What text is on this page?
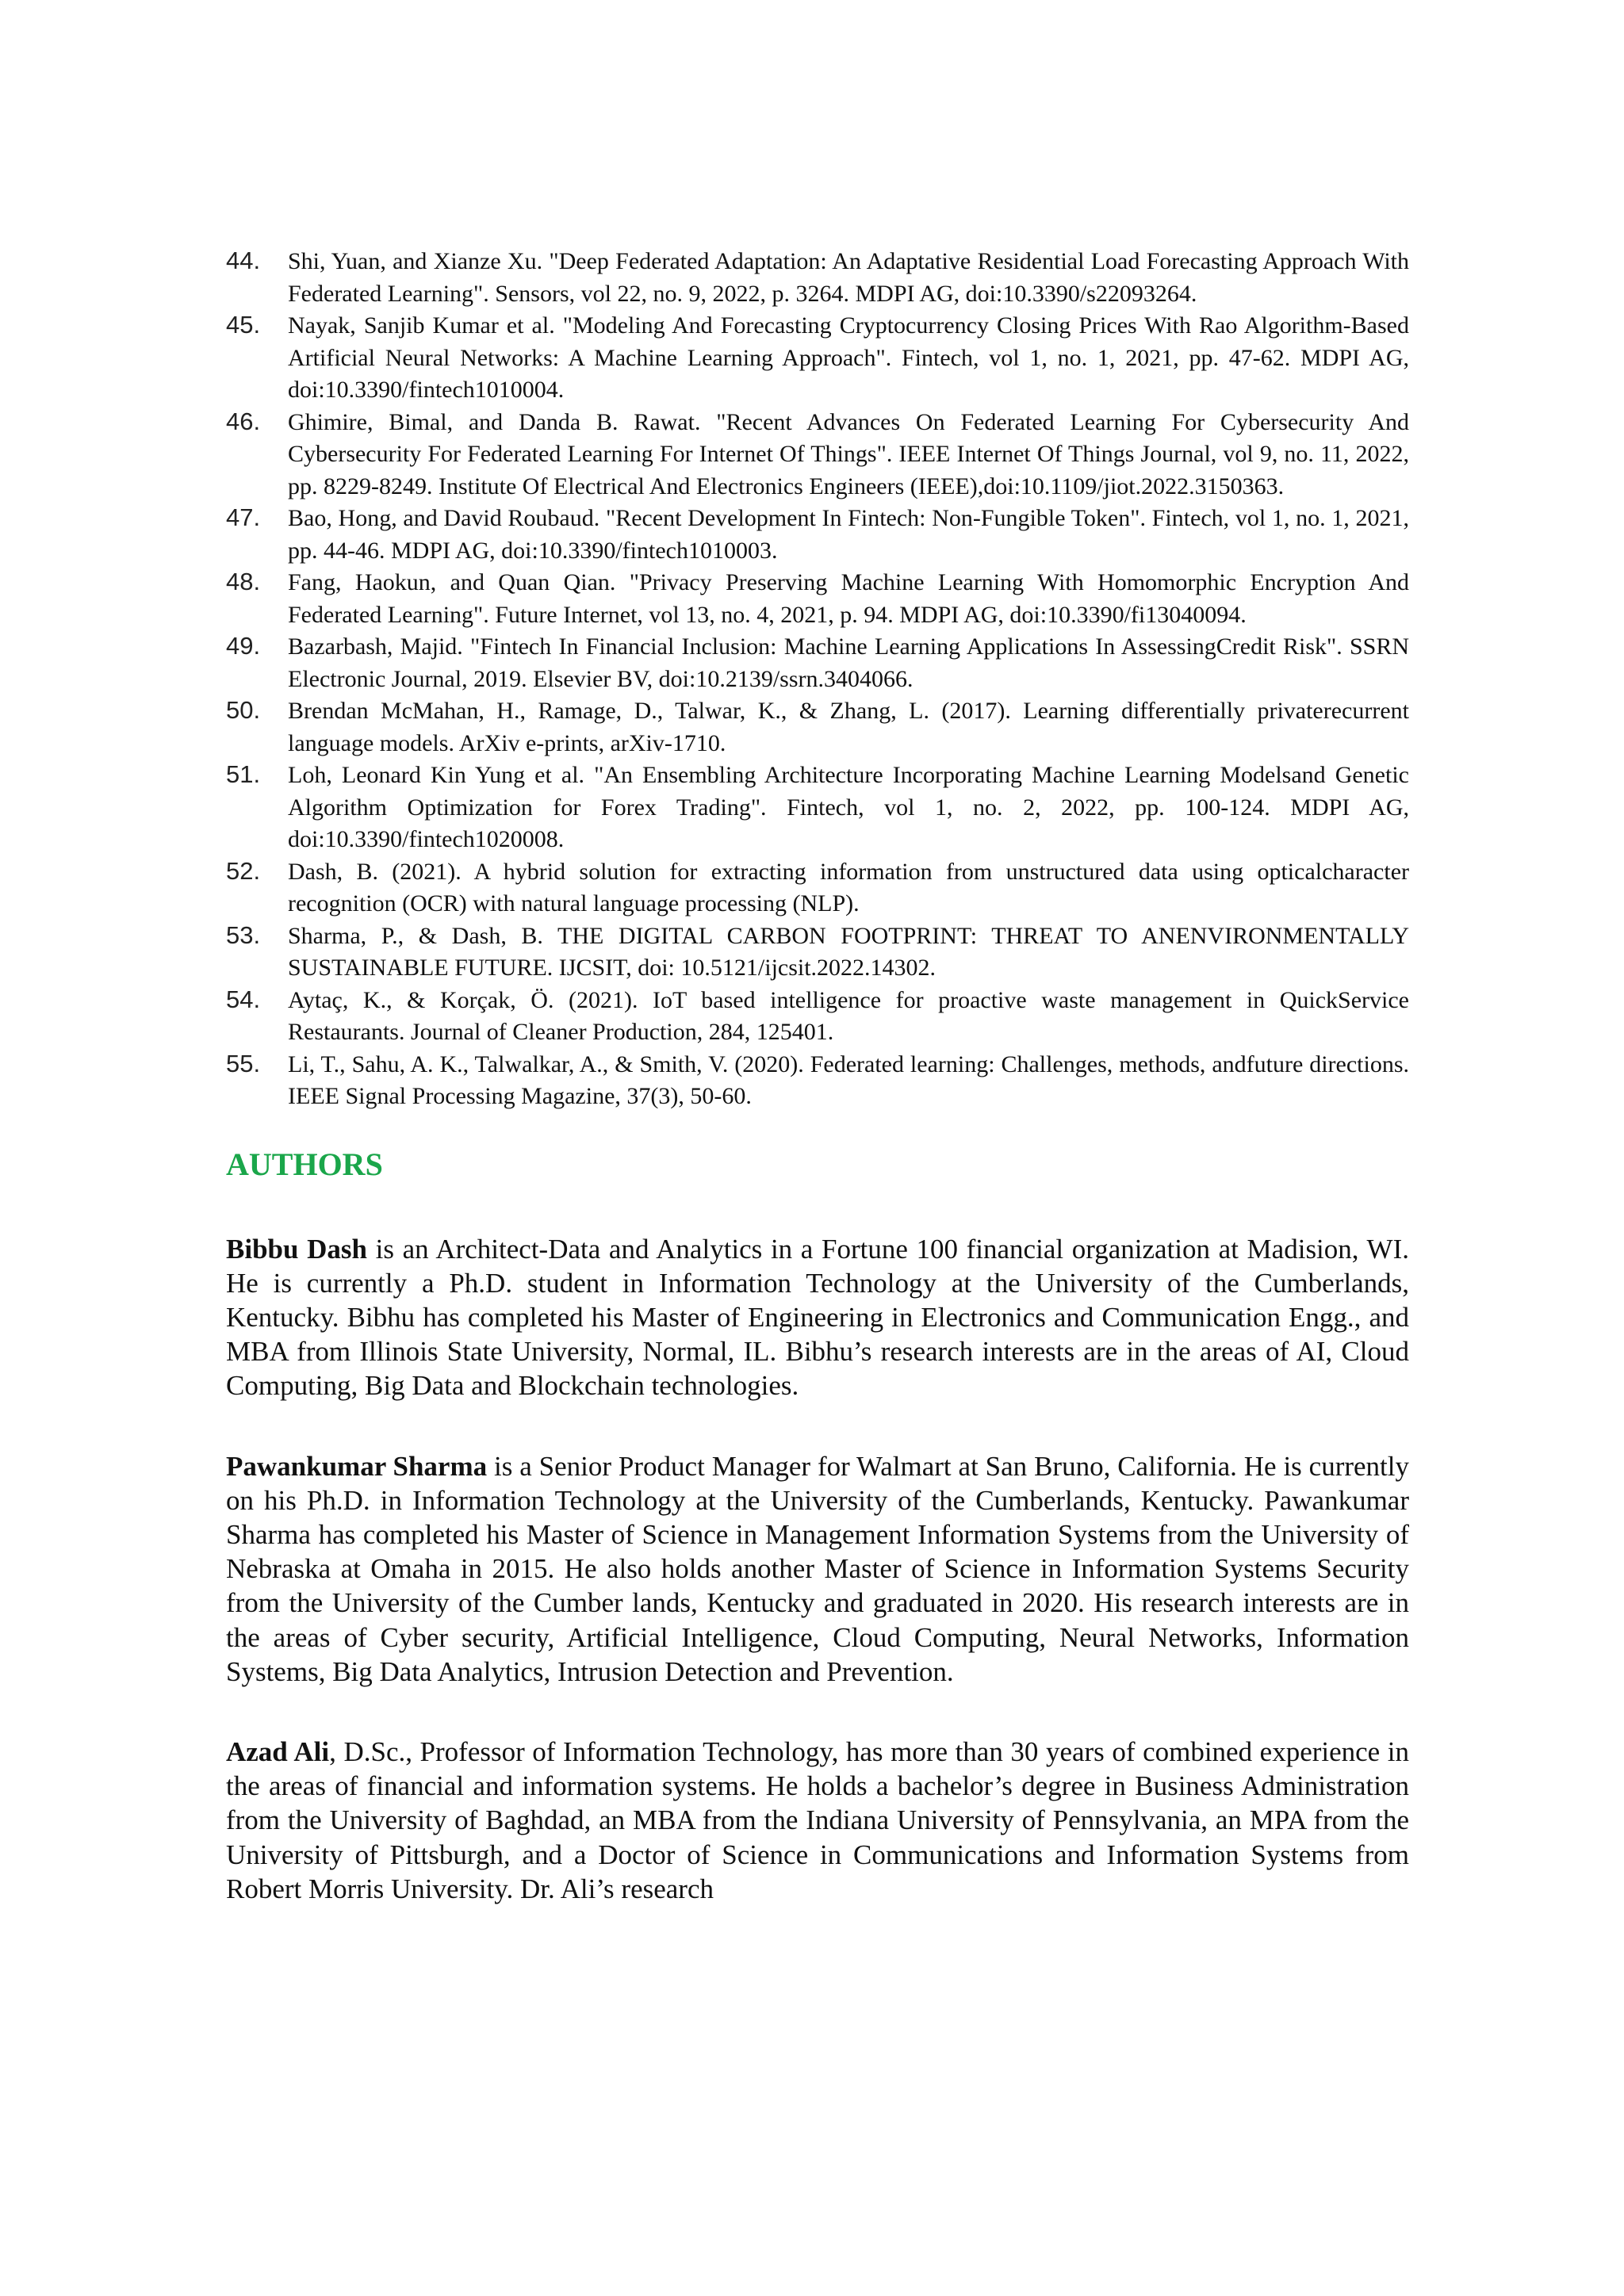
44. Shi, Yuan, and Xianze Xu. "Deep Federated Adaptation: An Adaptative Residential Load Forecasting Approach With Federated Learning". Sensors, vol 22, no. 9, 2022, p. 3264. MDPI AG, doi:10.3390/s22093264.
45. Nayak, Sanjib Kumar et al. "Modeling And Forecasting Cryptocurrency Closing Prices With Rao Algorithm-Based Artificial Neural Networks: A Machine Learning Approach". Fintech, vol 1, no. 1, 2021, pp. 47-62. MDPI AG, doi:10.3390/fintech1010004.
46. Ghimire, Bimal, and Danda B. Rawat. "Recent Advances On Federated Learning For Cybersecurity And Cybersecurity For Federated Learning For Internet Of Things". IEEE Internet Of Things Journal, vol 9, no. 11, 2022, pp. 8229-8249. Institute Of Electrical And Electronics Engineers (IEEE),doi:10.1109/jiot.2022.3150363.
47. Bao, Hong, and David Roubaud. "Recent Development In Fintech: Non-Fungible Token". Fintech, vol 1, no. 1, 2021, pp. 44-46. MDPI AG, doi:10.3390/fintech1010003.
48. Fang, Haokun, and Quan Qian. "Privacy Preserving Machine Learning With Homomorphic Encryption And Federated Learning". Future Internet, vol 13, no. 4, 2021, p. 94. MDPI AG, doi:10.3390/fi13040094.
49. Bazarbash, Majid. "Fintech In Financial Inclusion: Machine Learning Applications In AssessingCredit Risk". SSRN Electronic Journal, 2019. Elsevier BV, doi:10.2139/ssrn.3404066.
50. Brendan McMahan, H., Ramage, D., Talwar, K., & Zhang, L. (2017). Learning differentially privaterecurrent language models. ArXiv e-prints, arXiv-1710.
51. Loh, Leonard Kin Yung et al. "An Ensembling Architecture Incorporating Machine Learning Modelsand Genetic Algorithm Optimization for Forex Trading". Fintech, vol 1, no. 2, 2022, pp. 100-124. MDPI AG, doi:10.3390/fintech1020008.
52. Dash, B. (2021). A hybrid solution for extracting information from unstructured data using opticalcharacter recognition (OCR) with natural language processing (NLP).
53. Sharma, P., & Dash, B. THE DIGITAL CARBON FOOTPRINT: THREAT TO ANENVIRONMENTALLY SUSTAINABLE FUTURE. IJCSIT, doi: 10.5121/ijcsit.2022.14302.
54. Aytaç, K., & Korçak, Ö. (2021). IoT based intelligence for proactive waste management in QuickService Restaurants. Journal of Cleaner Production, 284, 125401.
55. Li, T., Sahu, A. K., Talwalkar, A., & Smith, V. (2020). Federated learning: Challenges, methods, andfuture directions. IEEE Signal Processing Magazine, 37(3), 50-60.
AUTHORS

Bibbu Dash is an Architect-Data and Analytics in a Fortune 100 financial organization at Madision, WI. He is currently a Ph.D. student in Information Technology at the University of the Cumberlands, Kentucky. Bibhu has completed his Master of Engineering in Electronics and Communication Engg., and MBA from Illinois State University, Normal, IL. Bibhu’s research interests are in the areas of AI, Cloud Computing, Big Data and Blockchain technologies.

Pawankumar Sharma is a Senior Product Manager for Walmart at San Bruno, California. He is currently on his Ph.D. in Information Technology at the University of the Cumberlands, Kentucky. Pawankumar Sharma has completed his Master of Science in Management Information Systems from the University of Nebraska at Omaha in 2015. He also holds another Master of Science in Information Systems Security from the University of the Cumber lands, Kentucky and graduated in 2020. His research interests are in the areas of Cyber security, Artificial Intelligence, Cloud Computing, Neural Networks, Information Systems, Big Data Analytics, Intrusion Detection and Prevention.

Azad Ali, D.Sc., Professor of Information Technology, has more than 30 years of combined experience in the areas of financial and information systems. He holds a bachelor’s degree in Business Administration from the University of Baghdad, an MBA from the Indiana University of Pennsylvania, an MPA from the University of Pittsburgh, and a Doctor of Science in Communications and Information Systems from Robert Morris University. Dr. Ali’s research
